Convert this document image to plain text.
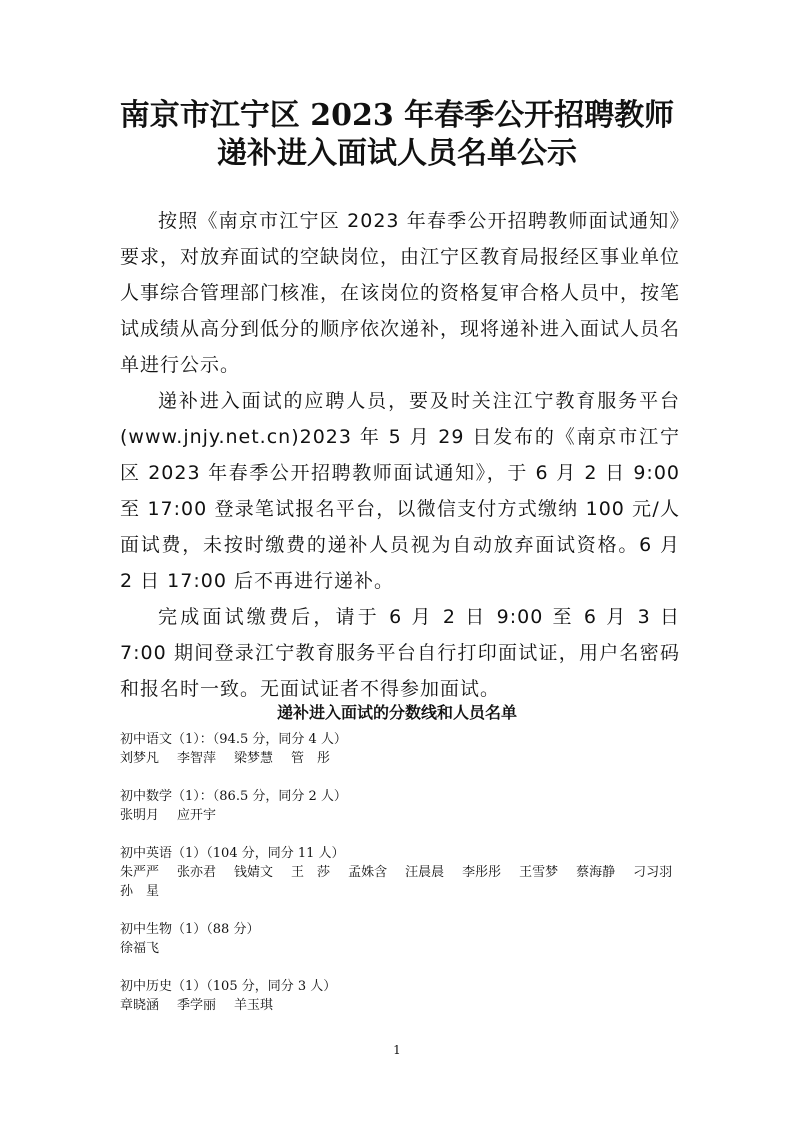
南京市江宁区 2023 年春季公开招聘教师
递补进入面试人员名单公示

按照《南京市江宁区 2023 年春季公开招聘教师面试通知》要求，对放弃面试的空缺岗位，由江宁区教育局报经区事业单位人事综合管理部门核准，在该岗位的资格复审合格人员中，按笔试成绩从高分到低分的顺序依次递补，现将递补进入面试人员名单进行公示。

递补进入面试的应聘人员，要及时关注江宁教育服务平台(www.jnjy.net.cn)2023 年 5 月 29 日发布的《南京市江宁区 2023 年春季公开招聘教师面试通知》，于 6 月 2 日 9:00 至 17:00 登录笔试报名平台，以微信支付方式缴纳 100 元/人面试费，未按时缴费的递补人员视为自动放弃面试资格。6 月 2 日 17:00 后不再进行递补。

完成面试缴费后，请于 6 月 2 日 9:00 至 6 月 3 日 7:00 期间登录江宁教育服务平台自行打印面试证，用户名密码和报名时一致。无面试证者不得参加面试。

递补进入面试的分数线和人员名单
初中语文（1）：（94.5 分，同分 4 人）
刘梦凡 李智萍 梁梦慧 管　彤
初中数学（1）：（86.5 分，同分 2 人）
张明月 应开宇
初中英语（1）（104 分，同分 11 人）
朱严严 张亦君 钱婧文 王　莎 孟姝含 汪晨晨 李彤彤 王雪梦 蔡海静 刁习羽
孙　星
初中生物（1）（88 分）
徐福飞
初中历史（1）（105 分，同分 3 人）
章晓涵 季学丽 羊玉琪
1
